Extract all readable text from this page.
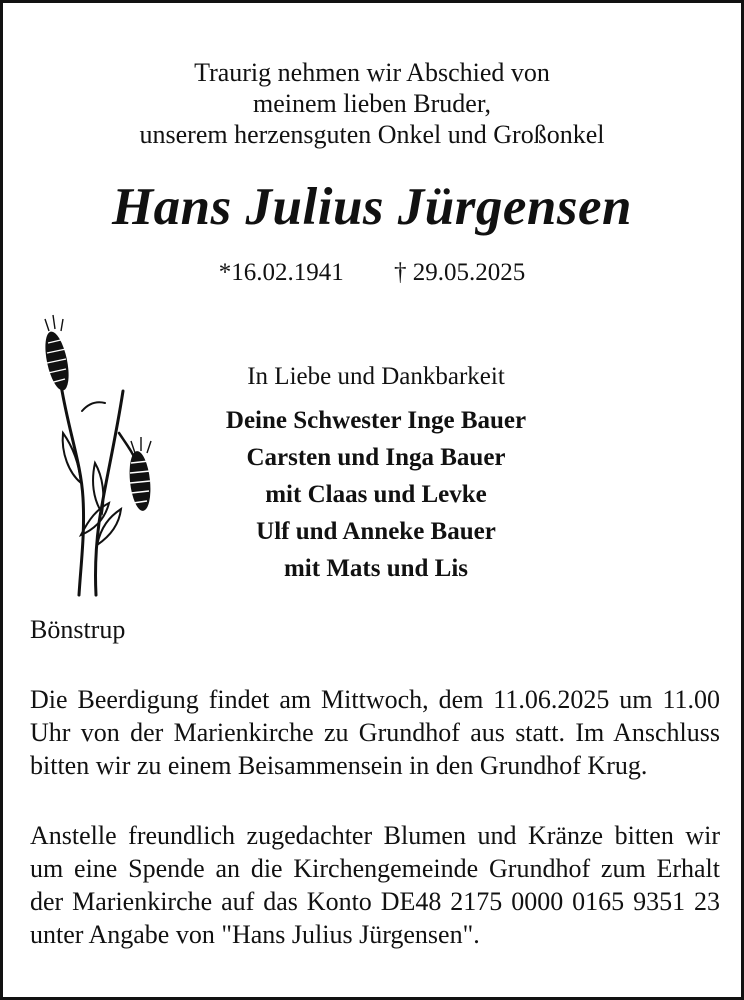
Traurig nehmen wir Abschied von
meinem lieben Bruder,
unserem herzensguten Onkel und Großonkel
Hans Julius Jürgensen
*16.02.1941 † 29.05.2025
In Liebe und Dankbarkeit
Deine Schwester Inge Bauer
Carsten und Inga Bauer
mit Claas und Levke
Ulf und Anneke Bauer
mit Mats und Lis
Bönstrup

Die Beerdigung findet am Mittwoch, dem 11.06.2025 um 11.00 Uhr von der Marienkirche zu Grundhof aus statt. Im Anschluss bitten wir zu einem Beisammensein in den Grundhof Krug.

Anstelle freundlich zugedachter Blumen und Kränze bitten wir um eine Spende an die Kirchengemeinde Grundhof zum Erhalt der Marienkirche auf das Konto DE48 2175 0000 0165 9351 23 unter Angabe von "Hans Julius Jürgensen".
